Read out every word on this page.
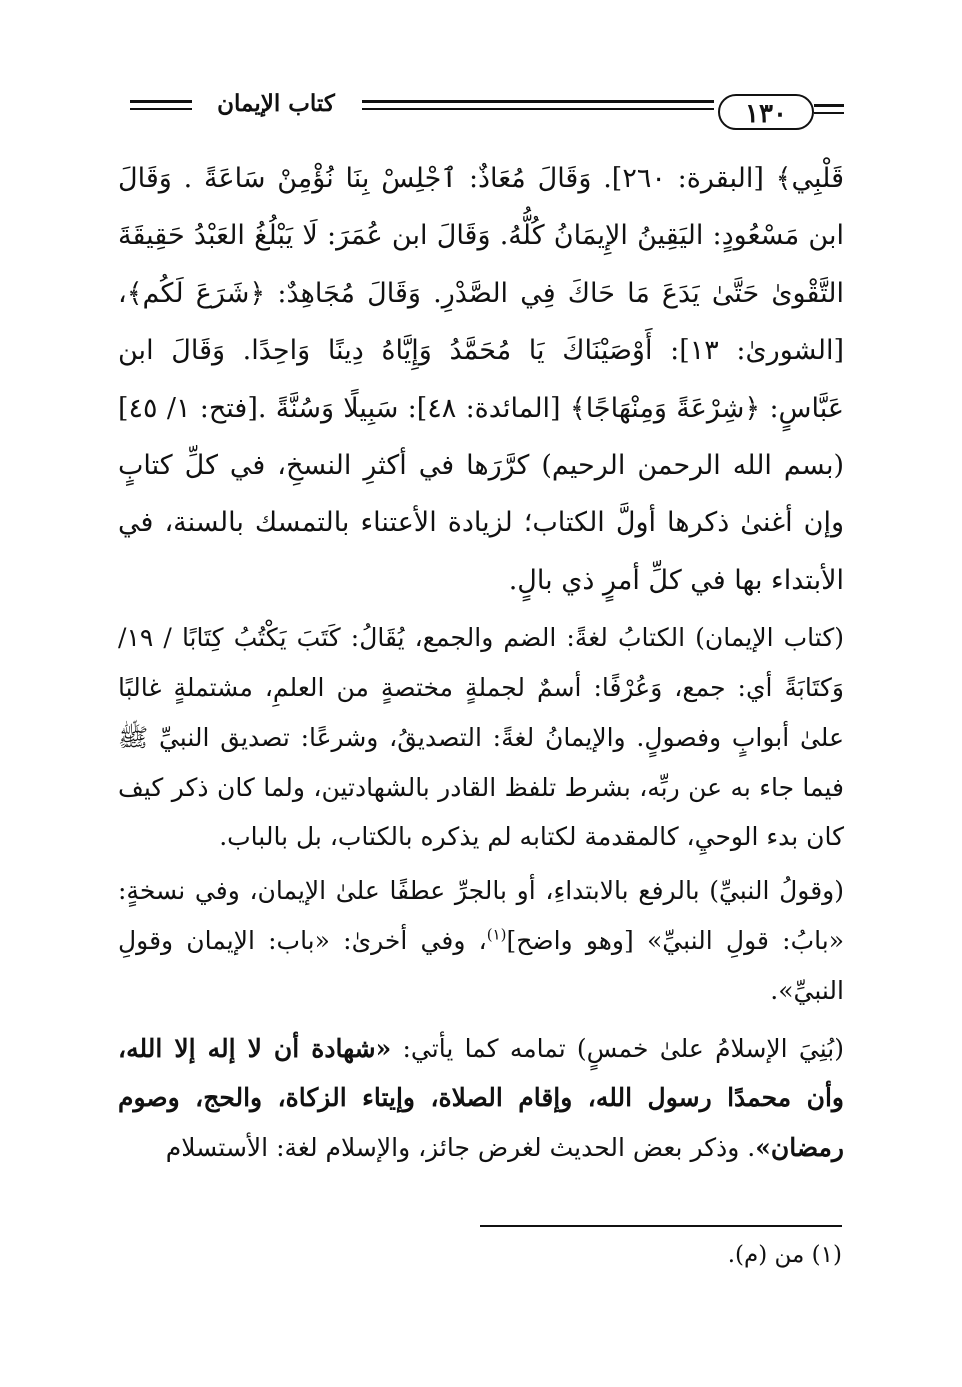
كتاب الإيمان	١٣٠

قَلْبِي﴾ [البقرة: ٢٦٠]. وَقَالَ مُعَاذٌ: ٱجْلِسْ بِنَا نُؤْمِنْ سَاعَةً . وَقَالَ ابن مَسْعُودٍ: اليَقِينُ الإِيمَانُ كُلُّهُ. وَقَالَ ابن عُمَرَ: لَا يَبْلُغُ العَبْدُ حَقِيقَةَ التَّقْوىٰ حَتَّىٰ يَدَعَ مَا حَاكَ فِي الصَّدْرِ. وَقَالَ مُجَاهِدٌ: ﴿شَرَعَ لَكُم﴾، [الشورىٰ: ١٣]: أَوْصَيْنَاكَ يَا مُحَمَّدُ وَإِيَّاهُ دِينًا وَاحِدًا. وَقَالَ ابن عَبَّاسٍ: ﴿شِرْعَةً وَمِنْهَاجًا﴾ [المائدة: ٤٨]: سَبِيلًا وَسُنَّةً .[فتح: ١/ ٤٥] (بسم الله الرحمن الرحيم) كرَّرَها في أكثرِ النسخِ، في كلِّ كتابٍ وإن أغنىٰ ذكرها أولَّ الكتاب؛ لزيادة الأعتناء بالتمسك بالسنة، في الأبتداء بها في كلِّ أمرٍ ذي بالٍ.

(كتاب الإيمان) الكتابُ لغةً: الضم والجمع، يُقَالُ: كَتَبَ يَكْتُبُ كِتَابًا / ١٩/ وَكتَابَةً أي: جمع، وَعُرْفًا: أسمٌ لجملةٍ مختصةٍ من العلمِ، مشتملةٍ غالبًا علىٰ أبوابٍ وفصولٍ. والإيمانُ لغةً: التصديقُ، وشرعًا: تصديق النبيِّ ﷺ فيما جاء به عن ربِّه، بشرط تلفظ القادر بالشهادتين، ولما كان ذكر كيف كان بدء الوحيِ، كالمقدمة لكتابه لم يذكره بالكتاب، بل بالباب.

(وقولُ النبيِّ) بالرفع بالابتداءِ، أو بالجرِّ عطفًا علىٰ الإيمان، وفي نسخةٍ: «بابُ: قولِ النبيِّ» [وهو واضح]$^{(١)}$، وفي أخرىٰ: «باب: الإيمان وقولِ النبيِّ».

(بُنِيَ الإسلامُ علىٰ خمسٍ) تمامه كما يأتي: «شهادة أن لا إله إلا الله، وأن محمدًا رسول الله، وإقام الصلاة، وإيتاء الزكاة، والحج، وصوم رمضان». وذكر بعض الحديث لغرض جائز، والإسلام لغة: الأستسلام

(١) من (م).
